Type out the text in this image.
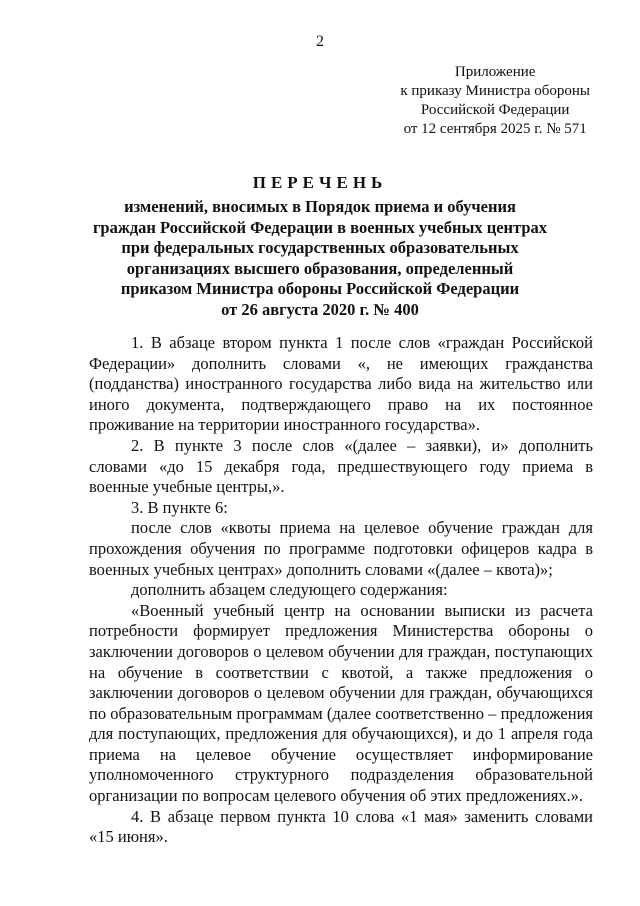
2
Приложение
к приказу Министра обороны
Российской Федерации
от 12 сентября 2025 г. № 571
ПЕРЕЧЕНЬ
изменений, вносимых в Порядок приема и обучения
граждан Российской Федерации в военных учебных центрах
при федеральных государственных образовательных
организациях высшего образования, определенный
приказом Министра обороны Российской Федерации
от 26 августа 2020 г. № 400

1. В абзаце втором пункта 1 после слов «граждан Российской Федерации» дополнить словами «, не имеющих гражданства (подданства) иностранного государства либо вида на жительство или иного документа, подтверждающего право на их постоянное проживание на территории иностранного государства».

2. В пункте 3 после слов «(далее – заявки), и» дополнить словами «до 15 декабря года, предшествующего году приема в военные учебные центры,».

3. В пункте 6:

после слов «квоты приема на целевое обучение граждан для прохождения обучения по программе подготовки офицеров кадра в военных учебных центрах» дополнить словами «(далее – квота)»;

дополнить абзацем следующего содержания:

«Военный учебный центр на основании выписки из расчета потребности формирует предложения Министерства обороны о заключении договоров о целевом обучении для граждан, поступающих на обучение в соответствии с квотой, а также предложения о заключении договоров о целевом обучении для граждан, обучающихся по образовательным программам (далее соответственно – предложения для поступающих, предложения для обучающихся), и до 1 апреля года приема на целевое обучение осуществляет информирование уполномоченного структурного подразделения образовательной организации по вопросам целевого обучения об этих предложениях.».

4. В абзаце первом пункта 10 слова «1 мая» заменить словами «15 июня».
